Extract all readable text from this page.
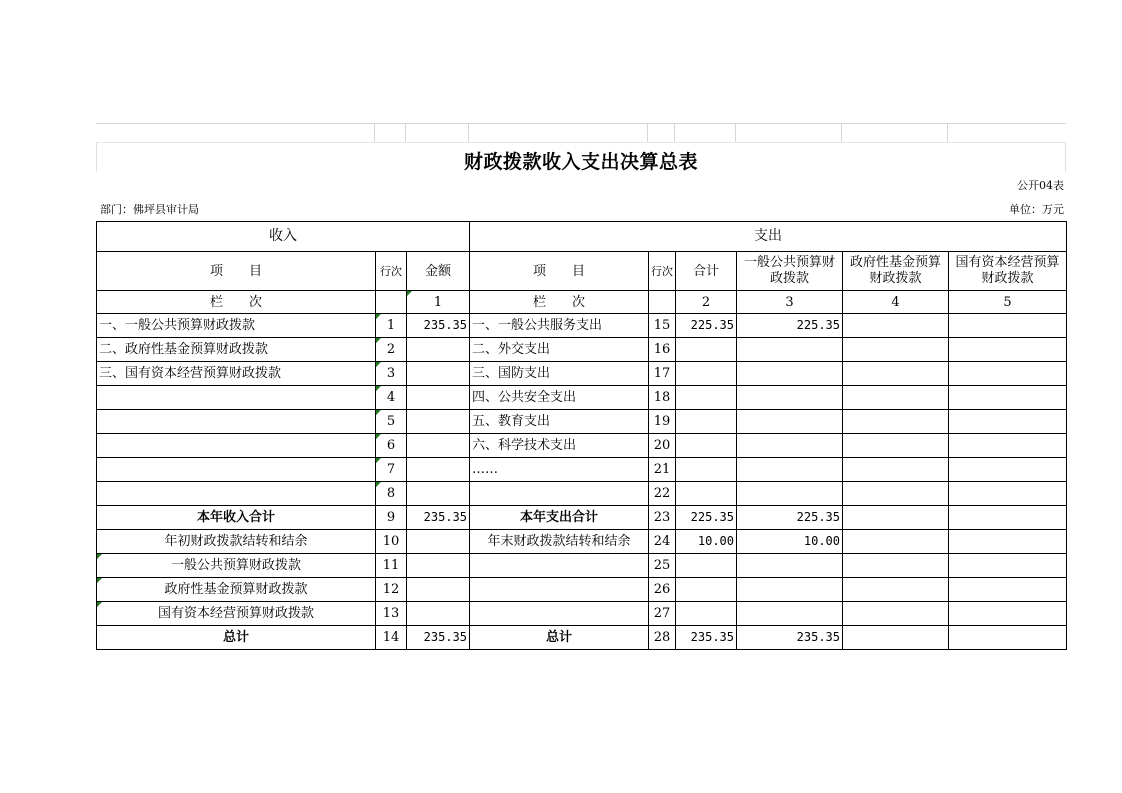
财政拨款收入支出决算总表
公开04表
部门：佛坪县审计局	单位：万元
收入			支出					
项　　目	行次	金额	项　　目	行次	合计	一般公共预算财政拨款	政府性基金预算财政拨款	国有资本经营预算财政拨款
栏　　次		1	栏　　次		2	3	4	5
一、一般公共预算财政拨款	1	235.35	一、一般公共服务支出	15	225.35	225.35		
二、政府性基金预算财政拨款	2		二、外交支出	16				
三、国有资本经营预算财政拨款	3		三、国防支出	17				
	4		四、公共安全支出	18				
	5		五、教育支出	19				
	6		六、科学技术支出	20				
	7		……	21				
	8			22				
本年收入合计	9	235.35	本年支出合计	23	225.35	225.35		
年初财政拨款结转和结余	10		年末财政拨款结转和结余	24	10.00	10.00		
一般公共预算财政拨款	11			25				
政府性基金预算财政拨款	12			26				
国有资本经营预算财政拨款	13			27				
总计	14	235.35	总计	28	235.35	235.35		
